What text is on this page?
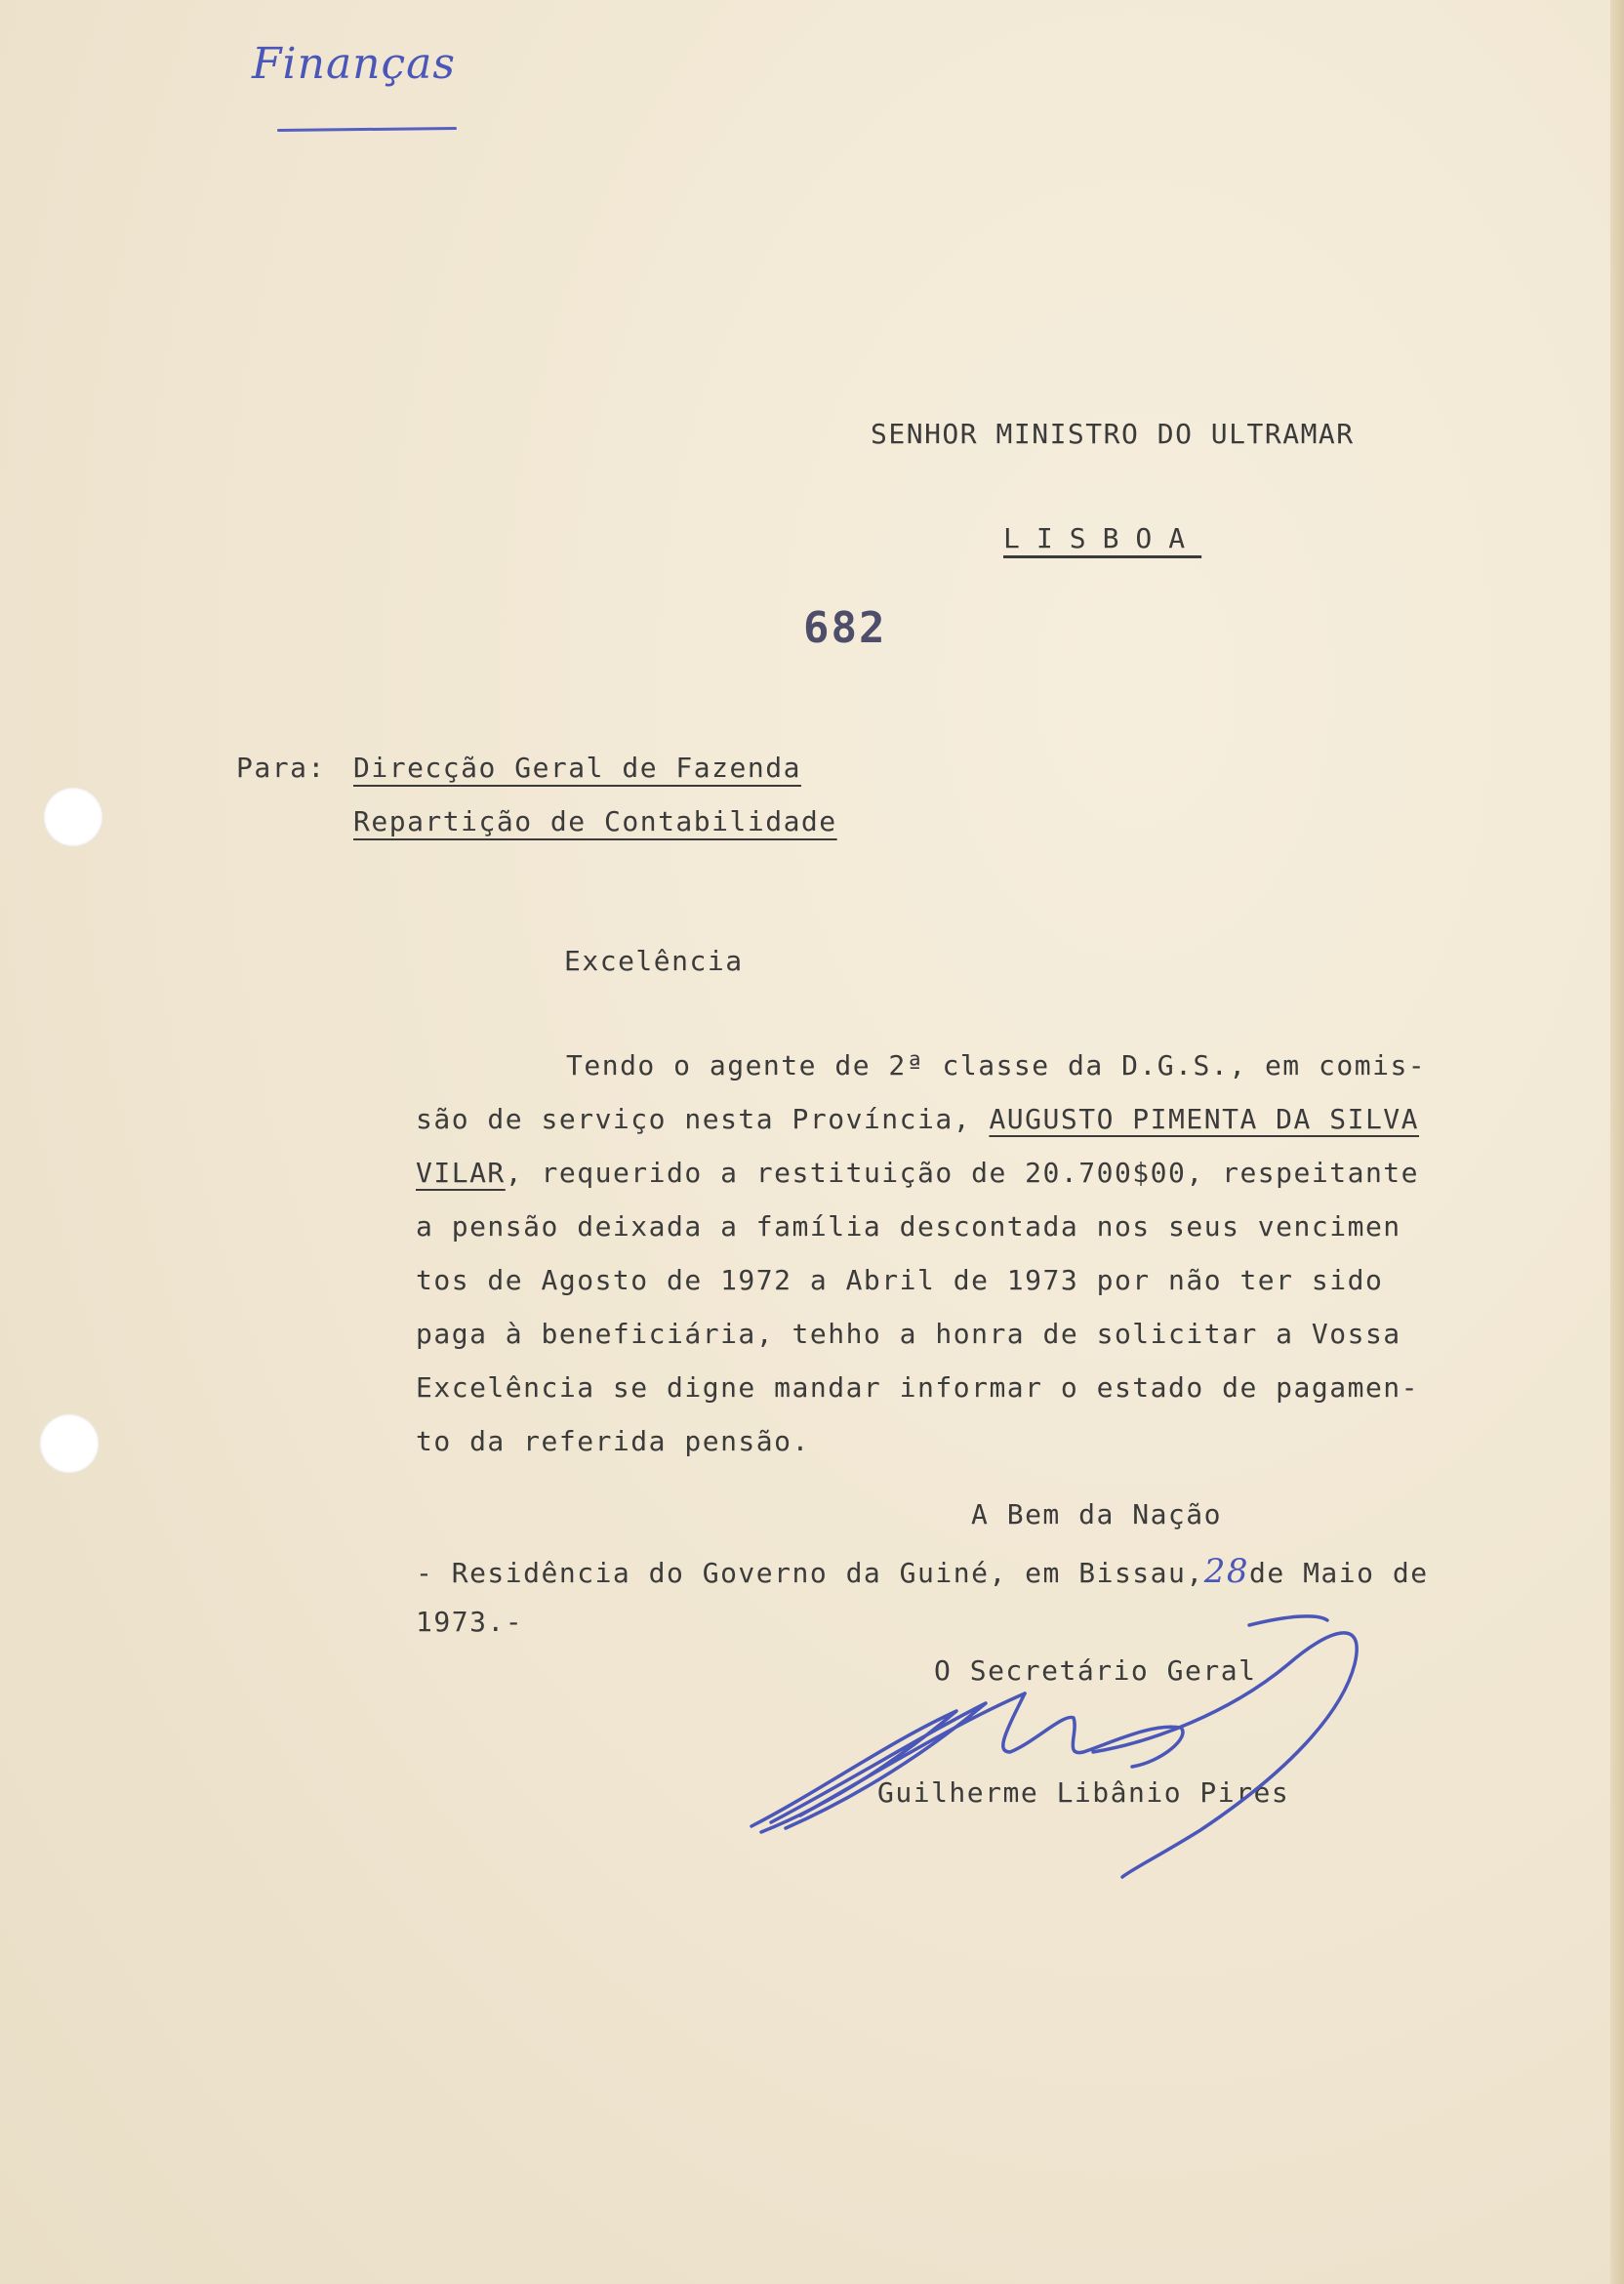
Finanças
SENHOR MINISTRO DO ULTRAMAR
LISBOA
682
Para: Direcção Geral de Fazenda
Repartição de Contabilidade
Excelência
Tendo o agente de 2ª classe da D.G.S., em comis-
são de serviço nesta Província, AUGUSTO PIMENTA DA SILVA
VILAR, requerido a restituição de 20.700$00, respeitante
a pensão deixada a família descontada nos seus vencimen
tos de Agosto de 1972 a Abril de 1973 por não ter sido
paga à beneficiária, tehho a honra de solicitar a Vossa
Excelência se digne mandar informar o estado de pagamen-
to da referida pensão.
A Bem da Nação
- Residência do Governo da Guiné, em Bissau,28de Maio de
1973.-
O Secretário Geral
Guilherme Libânio Pires
